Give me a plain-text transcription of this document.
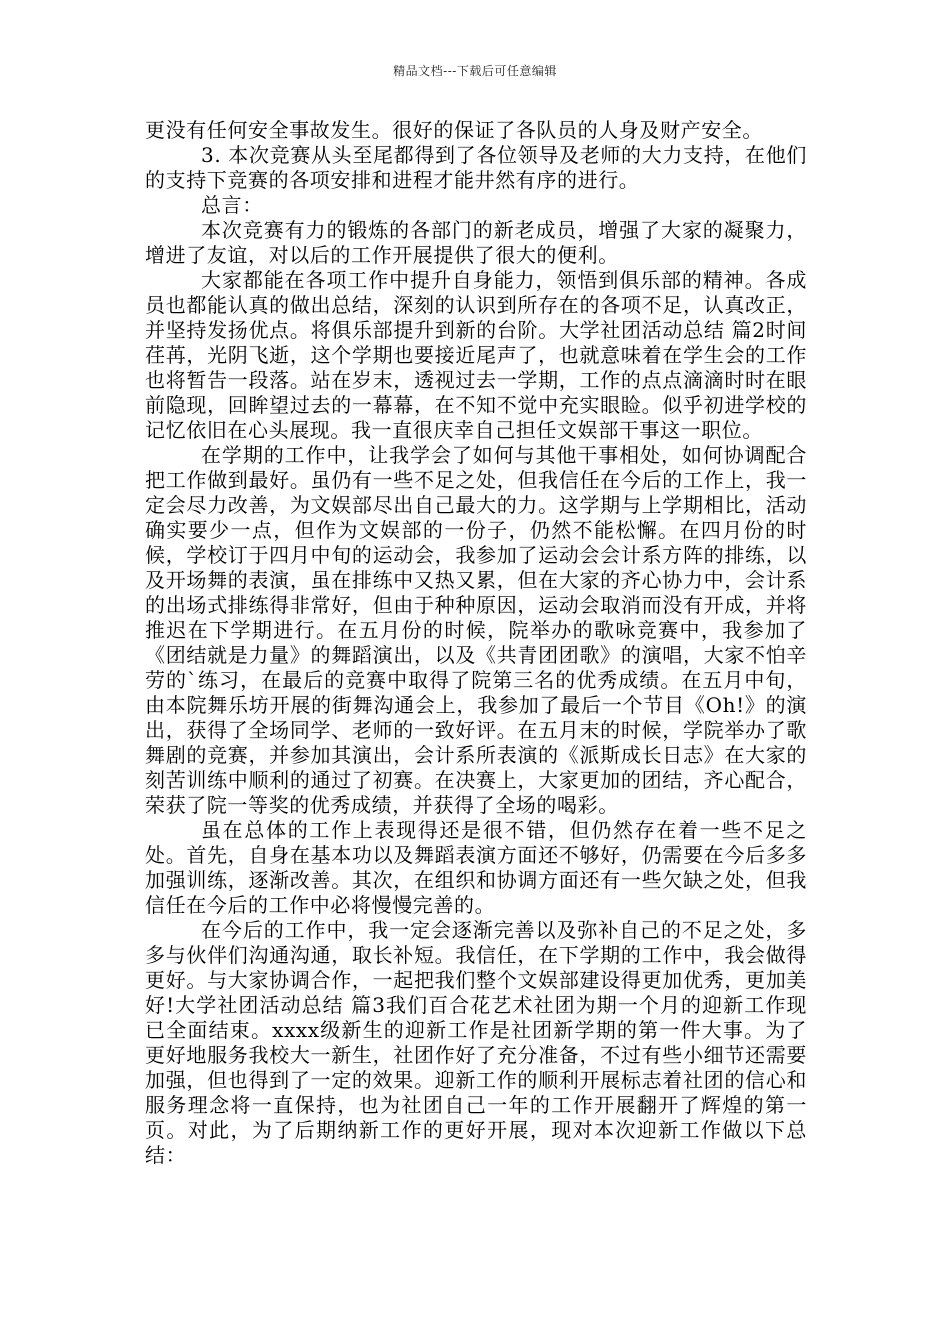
精品文档---下载后可任意编辑

更没有任何安全事故发生。很好的保证了各队员的人身及财产安全。

3. 本次竞赛从头至尾都得到了各位领导及老师的大力支持，在他们的支持下竞赛的各项安排和进程才能井然有序的进行。

总言：

本次竞赛有力的锻炼的各部门的新老成员，增强了大家的凝聚力，增进了友谊，对以后的工作开展提供了很大的便利。

大家都能在各项工作中提升自身能力，领悟到俱乐部的精神。各成员也都能认真的做出总结，深刻的认识到所存在的各项不足，认真改正，并坚持发扬优点。将俱乐部提升到新的台阶。大学社团活动总结 篇2时间荏苒，光阴飞逝，这个学期也要接近尾声了，也就意味着在学生会的工作也将暂告一段落。站在岁末，透视过去一学期，工作的点点滴滴时时在眼前隐现，回眸望过去的一幕幕，在不知不觉中充实眼睑。似乎初进学校的记忆依旧在心头展现。我一直很庆幸自己担任文娱部干事这一职位。

在学期的工作中，让我学会了如何与其他干事相处，如何协调配合把工作做到最好。虽仍有一些不足之处，但我信任在今后的工作上，我一定会尽力改善，为文娱部尽出自己最大的力。这学期与上学期相比，活动确实要少一点，但作为文娱部的一份子，仍然不能松懈。在四月份的时候，学校订于四月中旬的运动会，我参加了运动会会计系方阵的排练，以及开场舞的表演，虽在排练中又热又累，但在大家的齐心协力中，会计系的出场式排练得非常好，但由于种种原因，运动会取消而没有开成，并将推迟在下学期进行。在五月份的时候，院举办的歌咏竞赛中，我参加了《团结就是力量》的舞蹈演出，以及《共青团团歌》的演唱，大家不怕辛劳的`练习，在最后的竞赛中取得了院第三名的优秀成绩。在五月中旬，由本院舞乐坊开展的街舞沟通会上，我参加了最后一个节目《Oh!》的演出，获得了全场同学、老师的一致好评。在五月末的时候，学院举办了歌舞剧的竞赛，并参加其演出，会计系所表演的《派斯成长日志》在大家的刻苦训练中顺利的通过了初赛。在决赛上，大家更加的团结，齐心配合，荣获了院一等奖的优秀成绩，并获得了全场的喝彩。

虽在总体的工作上表现得还是很不错，但仍然存在着一些不足之处。首先，自身在基本功以及舞蹈表演方面还不够好，仍需要在今后多多加强训练，逐渐改善。其次，在组织和协调方面还有一些欠缺之处，但我信任在今后的工作中必将慢慢完善的。

在今后的工作中，我一定会逐渐完善以及弥补自己的不足之处，多多与伙伴们沟通沟通，取长补短。我信任，在下学期的工作中，我会做得更好。与大家协调合作，一起把我们整个文娱部建设得更加优秀，更加美好!大学社团活动总结 篇3我们百合花艺术社团为期一个月的迎新工作现已全面结束。xxxx级新生的迎新工作是社团新学期的第一件大事。为了更好地服务我校大一新生，社团作好了充分准备，不过有些小细节还需要加强，但也得到了一定的效果。迎新工作的顺利开展标志着社团的信心和服务理念将一直保持，也为社团自己一年的工作开展翻开了辉煌的第一页。对此，为了后期纳新工作的更好开展，现对本次迎新工作做以下总结：
